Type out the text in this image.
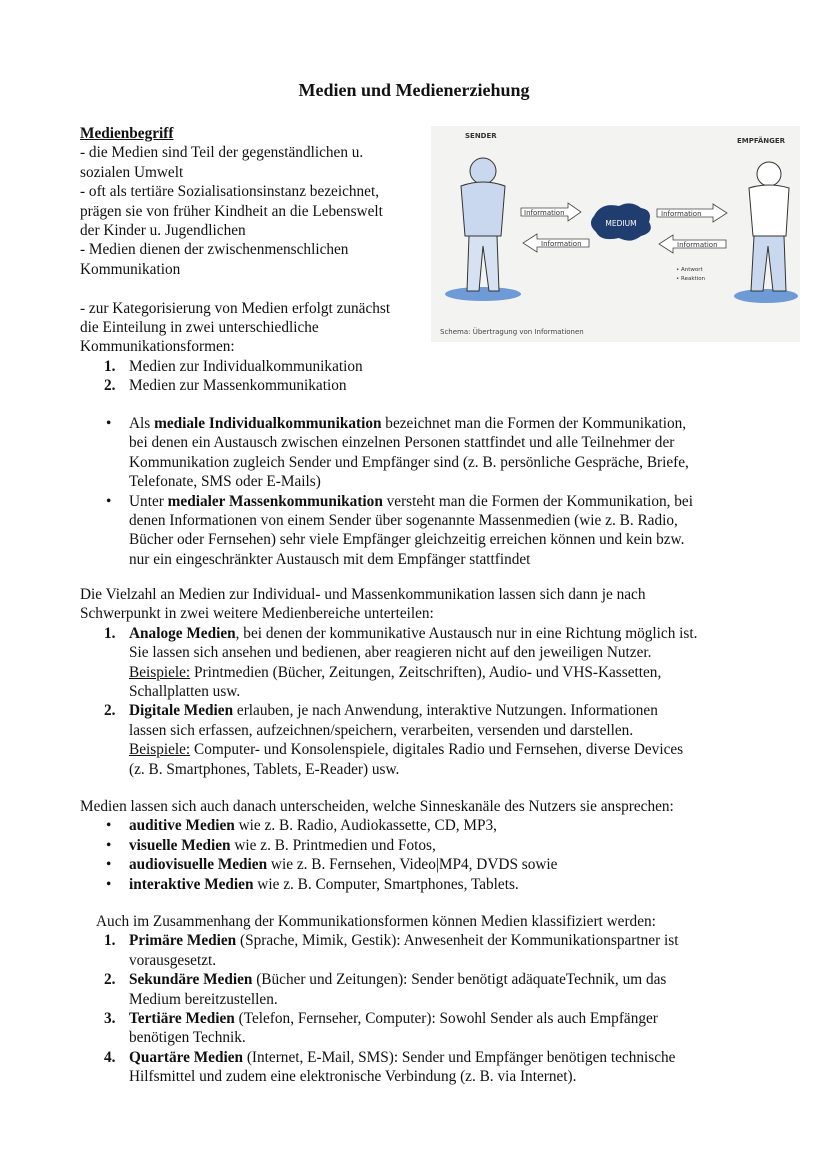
Medien und Medienerziehung
Medienbegriff
- die Medien sind Teil der gegenständlichen u.
sozialen Umwelt
- oft als tertiäre Sozialisationsinstanz bezeichnet,
prägen sie von früher Kindheit an die Lebenswelt
der Kinder u. Jugendlichen
- Medien dienen der zwischenmenschlichen
Kommunikation
- zur Kategorisierung von Medien erfolgt zunächst
die Einteilung in zwei unterschiedliche
Kommunikationsformen:
1. Medien zur Individualkommunikation
2. Medien zur Massenkommunikation
SENDER
EMPFÄNGER
Information
Information
MEDIUM
Information
Information
• Antwort
• Reaktion
Schema: Übertragung von Informationen
• Als mediale Individualkommunikation bezeichnet man die Formen der Kommunikation,
bei denen ein Austausch zwischen einzelnen Personen stattfindet und alle Teilnehmer der
Kommunikation zugleich Sender und Empfänger sind (z. B. persönliche Gespräche, Briefe,
Telefonate, SMS oder E-Mails)
• Unter medialer Massenkommunikation versteht man die Formen der Kommunikation, bei
denen Informationen von einem Sender über sogenannte Massenmedien (wie z. B. Radio,
Bücher oder Fernsehen) sehr viele Empfänger gleichzeitig erreichen können und kein bzw.
nur ein eingeschränkter Austausch mit dem Empfänger stattfindet
Die Vielzahl an Medien zur Individual- und Massenkommunikation lassen sich dann je nach
Schwerpunkt in zwei weitere Medienbereiche unterteilen:
1. Analoge Medien, bei denen der kommunikative Austausch nur in eine Richtung möglich ist.
Sie lassen sich ansehen und bedienen, aber reagieren nicht auf den jeweiligen Nutzer.
Beispiele: Printmedien (Bücher, Zeitungen, Zeitschriften), Audio- und VHS-Kassetten,
Schallplatten usw.
2. Digitale Medien erlauben, je nach Anwendung, interaktive Nutzungen. Informationen
lassen sich erfassen, aufzeichnen/speichern, verarbeiten, versenden und darstellen.
Beispiele: Computer- und Konsolenspiele, digitales Radio und Fernsehen, diverse Devices
(z. B. Smartphones, Tablets, E-Reader) usw.
Medien lassen sich auch danach unterscheiden, welche Sinneskanäle des Nutzers sie ansprechen:
• auditive Medien wie z. B. Radio, Audiokassette, CD, MP3,
• visuelle Medien wie z. B. Printmedien und Fotos,
• audiovisuelle Medien wie z. B. Fernsehen, Video|MP4, DVDS sowie
• interaktive Medien wie z. B. Computer, Smartphones, Tablets.
Auch im Zusammenhang der Kommunikationsformen können Medien klassifiziert werden:
1. Primäre Medien (Sprache, Mimik, Gestik): Anwesenheit der Kommunikationspartner ist
vorausgesetzt.
2. Sekundäre Medien (Bücher und Zeitungen): Sender benötigt adäquateTechnik, um das
Medium bereitzustellen.
3. Tertiäre Medien (Telefon, Fernseher, Computer): Sowohl Sender als auch Empfänger
benötigen Technik.
4. Quartäre Medien (Internet, E-Mail, SMS): Sender und Empfänger benötigen technische
Hilfsmittel und zudem eine elektronische Verbindung (z. B. via Internet).
